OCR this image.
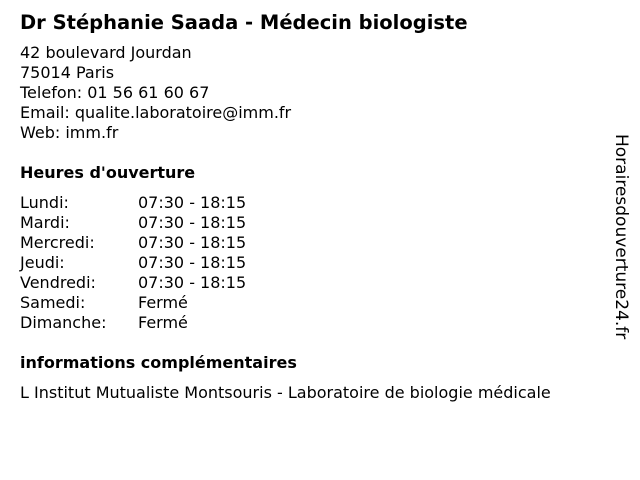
Dr Stéphanie Saada - Médecin biologiste
42 boulevard Jourdan
75014 Paris
Telefon: 01 56 61 60 67
Email: qualite.laboratoire@imm.fr
Web: imm.fr
Heures d'ouverture
Lundi:	07:30 - 18:15
Mardi:	07:30 - 18:15
Mercredi:	07:30 - 18:15
Jeudi:	07:30 - 18:15
Vendredi:	07:30 - 18:15
Samedi:	Fermé
Dimanche:	Fermé
informations complémentaires
L Institut Mutualiste Montsouris - Laboratoire de biologie médicale
Horairesdouverture24.fr
